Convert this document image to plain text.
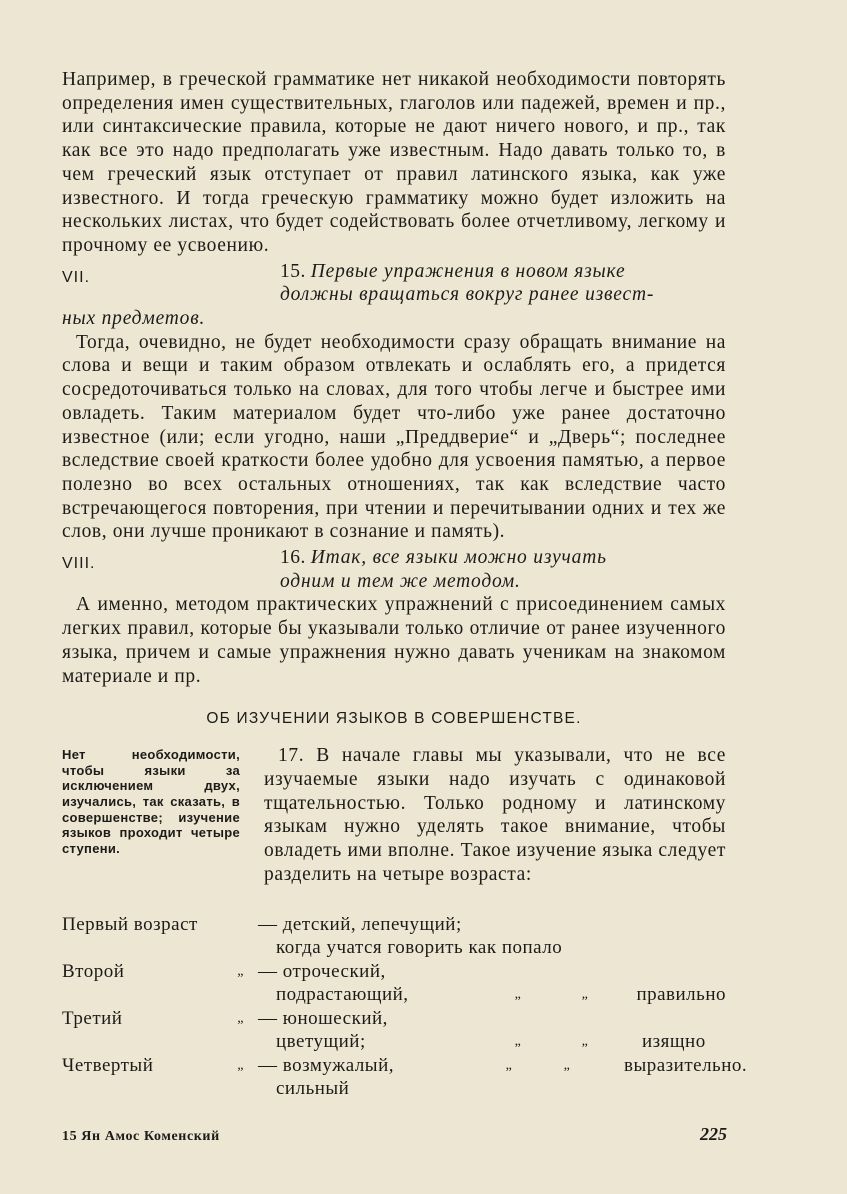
Например, в греческой грамматике нет никакой необходимости повторять определения имен существительных, глаголов или падежей, времен и пр., или синтаксические правила, которые не дают ничего нового, и пр., так как все это надо предполагать уже известным. Надо давать только то, в чем греческий язык отступает от правил латинского языка, как уже известного. И тогда греческую грамматику можно будет изложить на нескольких листах, что будет содействовать более отчетливому, легкому и прочному ее усвоению.

VII.	15. Первые упражнения в новом языке
должны вращаться вокруг ранее извест-
ных предметов.

Тогда, очевидно, не будет необходимости сразу обращать внимание на слова и вещи и таким образом отвлекать и ослаблять его, а придется сосредоточиваться только на словах, для того чтобы легче и быстрее ими овладеть. Таким материалом будет что-либо уже ранее достаточно известное (или; если угодно, наши „Преддверие“ и „Дверь“; последнее вследствие своей краткости более удобно для усвоения памятью, а первое полезно во всех остальных отношениях, так как вследствие часто встречающегося повторения, при чтении и перечитывании одних и тех же слов, они лучше проникают в сознание и память).

VIII.	16. Итак, все языки можно изучать
одним и тем же методом.

А именно, методом практических упражнений с присоединением самых легких правил, которые бы указывали только отличие от ранее изученного языка, причем и самые упражнения нужно давать ученикам на знакомом материале и пр.

ОБ ИЗУЧЕНИИ ЯЗЫКОВ В СОВЕРШЕНСТВЕ.
Нет необходимости, чтобы языки за исключением двух, изучались, так сказать, в совершенстве; изучение языков проходит четыре ступени.

17. В начале главы мы указывали, что не все изучаемые языки надо изучать с одинаковой тщательностью. Только родному и латинскому языкам нужно уделять такое внимание, чтобы овладеть ими вполне. Такое изучение языка следует разделить на четыре возраста:

Первый возраст	— детский, лепечущий;
когда учатся говорить как попало
Второй	„ — отроческий,
подрастающий,	„	„	правильно
Третий	„ — юношеский,
цветущий;	„	„	изящно
Четвертый	„ — возмужалый,	„	„	выразительно.
сильный
15 Ян Амос Коменский	225
